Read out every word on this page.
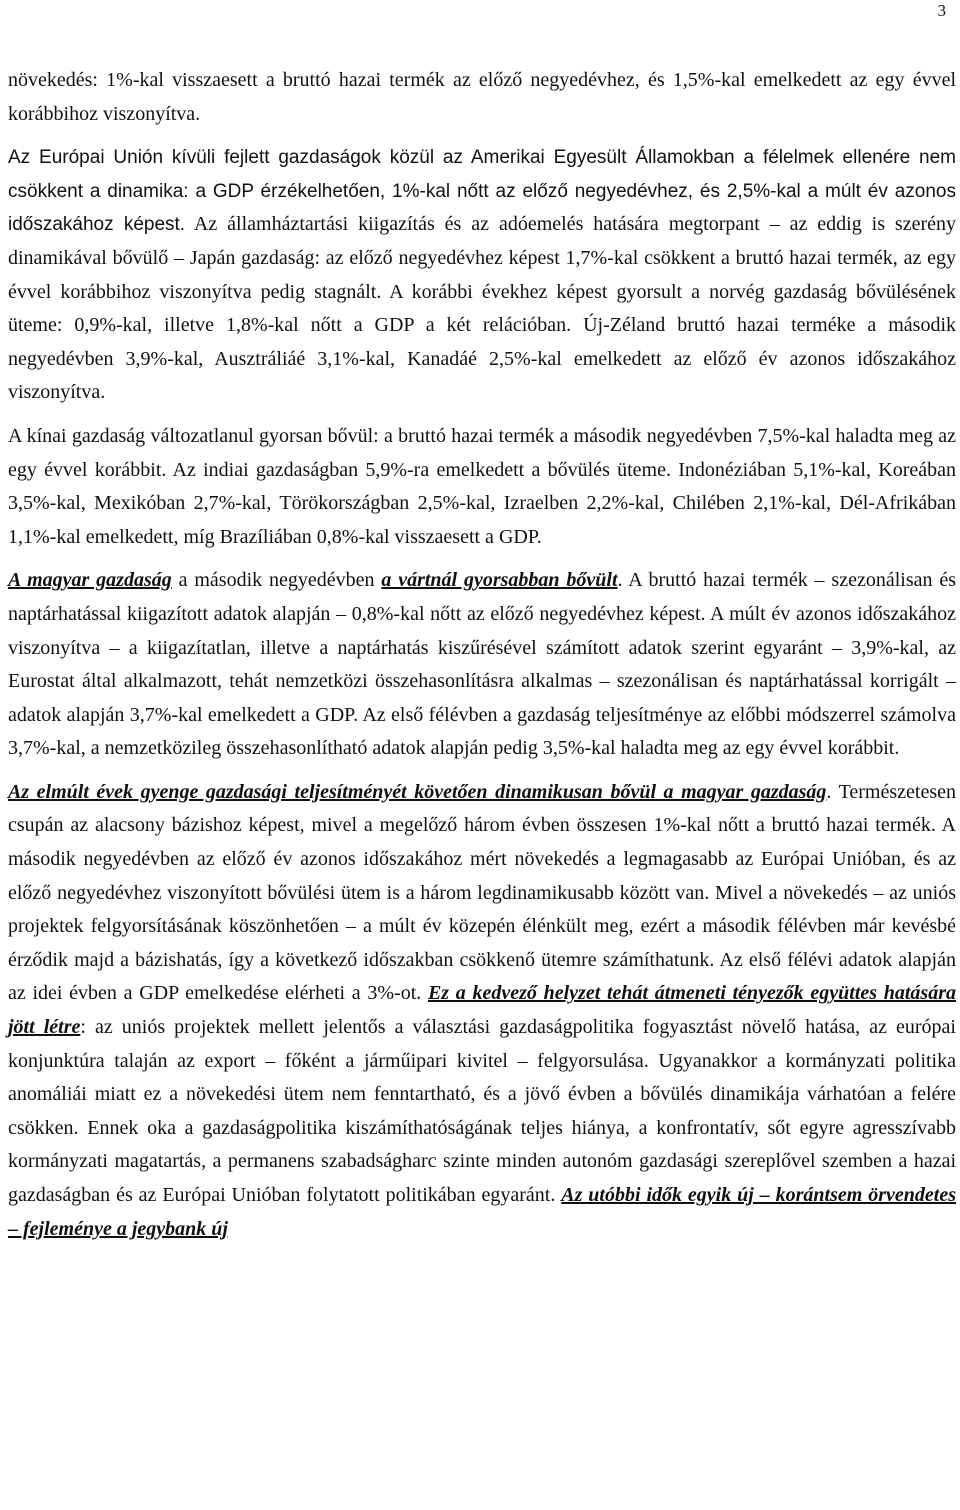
3

növekedés: 1%-kal visszaesett a bruttó hazai termék az előző negyedévhez, és 1,5%-kal emelkedett az egy évvel korábbihoz viszonyítva.

Az Európai Unión kívüli fejlett gazdaságok közül az Amerikai Egyesült Államokban a félelmek ellenére nem csökkent a dinamika: a GDP érzékelhetően, 1%-kal nőtt az előző negyedévhez, és 2,5%-kal a múlt év azonos időszakához képest. Az államháztartási kiigazítás és az adóemelés hatására megtorpant – az eddig is szerény dinamikával bővülő – Japán gazdaság: az előző negyedévhez képest 1,7%-kal csökkent a bruttó hazai termék, az egy évvel korábbihoz viszonyítva pedig stagnált. A korábbi évekhez képest gyorsult a norvég gazdaság bővülésének üteme: 0,9%-kal, illetve 1,8%-kal nőtt a GDP a két relációban. Új-Zéland bruttó hazai terméke a második negyedévben 3,9%-kal, Ausztráliáé 3,1%-kal, Kanadáé 2,5%-kal emelkedett az előző év azonos időszakához viszonyítva.

A kínai gazdaság változatlanul gyorsan bővül: a bruttó hazai termék a második negyedévben 7,5%-kal haladta meg az egy évvel korábbit. Az indiai gazdaságban 5,9%-ra emelkedett a bővülés üteme. Indonéziában 5,1%-kal, Koreában 3,5%-kal, Mexikóban 2,7%-kal, Törökországban 2,5%-kal, Izraelben 2,2%-kal, Chilében 2,1%-kal, Dél-Afrikában 1,1%-kal emelkedett, míg Brazíliában 0,8%-kal visszaesett a GDP.

A magyar gazdaság a második negyedévben a vártnál gyorsabban bővült. A bruttó hazai termék – szezonálisan és naptárhatással kiigazított adatok alapján – 0,8%-kal nőtt az előző negyedévhez képest. A múlt év azonos időszakához viszonyítva – a kiigazítatlan, illetve a naptárhatás kiszűrésével számított adatok szerint egyaránt – 3,9%-kal, az Eurostat által alkalmazott, tehát nemzetközi összehasonlításra alkalmas – szezonálisan és naptárhatással korrigált – adatok alapján 3,7%-kal emelkedett a GDP. Az első félévben a gazdaság teljesítménye az előbbi módszerrel számolva 3,7%-kal, a nemzetközileg összehasonlítható adatok alapján pedig 3,5%-kal haladta meg az egy évvel korábbit.

Az elmúlt évek gyenge gazdasági teljesítményét követően dinamikusan bővül a magyar gazdaság. Természetesen csupán az alacsony bázishoz képest, mivel a megelőző három évben összesen 1%-kal nőtt a bruttó hazai termék. A második negyedévben az előző év azonos időszakához mért növekedés a legmagasabb az Európai Unióban, és az előző negyedévhez viszonyított bővülési ütem is a három legdinamikusabb között van. Mivel a növekedés – az uniós projektek felgyorsításának köszönhetően – a múlt év közepén élénkült meg, ezért a második félévben már kevésbé érződik majd a bázishatás, így a következő időszakban csökkenő ütemre számíthatunk. Az első félévi adatok alapján az idei évben a GDP emelkedése elérheti a 3%-ot. Ez a kedvező helyzet tehát átmeneti tényezők együttes hatására jött létre: az uniós projektek mellett jelentős a választási gazdaságpolitika fogyasztást növelő hatása, az európai konjunktúra talaján az export – főként a járműipari kivitel – felgyorsulása. Ugyanakkor a kormányzati politika anomáliái miatt ez a növekedési ütem nem fenntartható, és a jövő évben a bővülés dinamikája várhatóan a felére csökken. Ennek oka a gazdaságpolitika kiszámíthatóságának teljes hiánya, a konfrontatív, sőt egyre agresszívabb kormányzati magatartás, a permanens szabadságharc szinte minden autonóm gazdasági szereplővel szemben a hazai gazdaságban és az Európai Unióban folytatott politikában egyaránt. Az utóbbi idők egyik új – korántsem örvendetes – fejleménye a jegybank új
